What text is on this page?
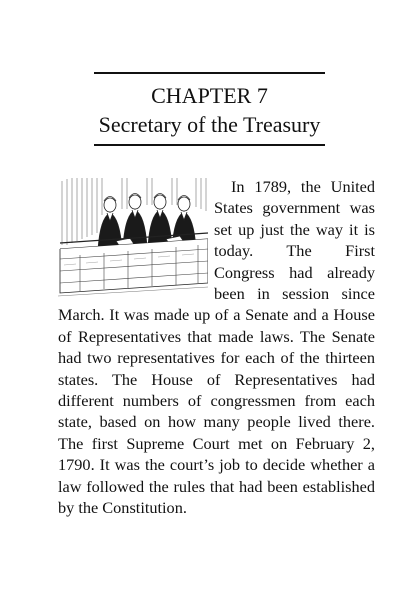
CHAPTER 7
Secretary of the Treasury

In 1789, the United States government was set up just the way it is today. The First Congress had already been in session since March. It was made up of a Senate and a House of Representatives that made laws. The Senate had two representatives for each of the thirteen states. The House of Representatives had different numbers of congressmen from each state, based on how many people lived there. The first Supreme Court met on February 2, 1790. It was the court’s job to decide whether a law followed the rules that had been established by the Constitution.
